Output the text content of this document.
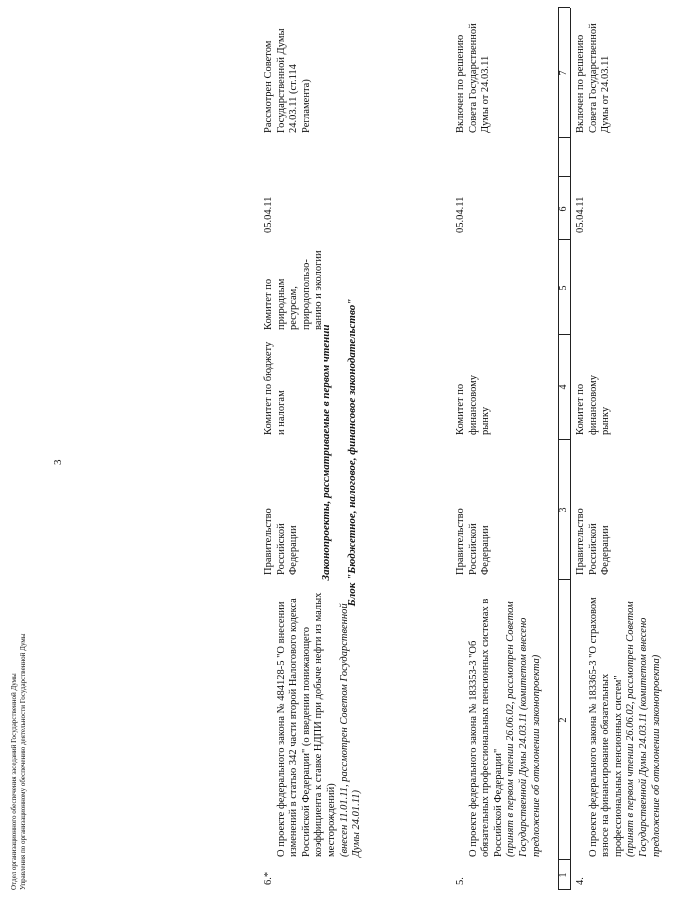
3
1
2
3
4
5
6
7
4.

О проекте федерального закона № 183365-3 "О страховом взносе на финансирование обязательных профессиональных пенсионных систем" (принят в первом чтении 26.06.02, рассмотрен Советом Государственной Думы 24.03.11 (комитетом внесено предложение об отклонении законопроекта)

Правительство Российской Федерации
Комитет по финансовому рынку
05.04.11
Включен по решению Совета Государственной Думы от 24.03.11
5.

О проекте федерального закона № 183353-3 "Об обязательных профессиональных пенсионных системах в Российской Федерации" (принят в первом чтении 26.06.02, рассмотрен Советом Государственной Думы 24.03.11 (комитетом внесено предложение об отклонении законопроекта)

Правительство Российской Федерации
Комитет по финансовому рынку
05.04.11
Включен по решению Совета Государственной Думы от 24.03.11
Законопроекты, рассматриваемые в первом чтении Блок "Бюджетное, налоговое, финансовое законодательство"
6.*

О проекте федерального закона № 484128-5 "О внесении изменений в статью 342 части второй Налогового кодекса Российской Федерации" (о введении понижающего коэффициента к ставке НДПИ при добыче нефти из малых месторождений) (внесен 11.01.11, рассмотрен Советом Государственной Думы 24.01.11)

Правительство Российской Федерации
Комитет по бюджету и налогам
Комитет по природным ресурсам, природопользо-ванию и экологии
05.04.11
Рассмотрен Советом Государственной Думы 24.03.11 (ст.114 Регламента)
Отдел организационного обеспечения заседаний Государственной Думы Управления по организационному обеспечению деятельности Государственной Думы
